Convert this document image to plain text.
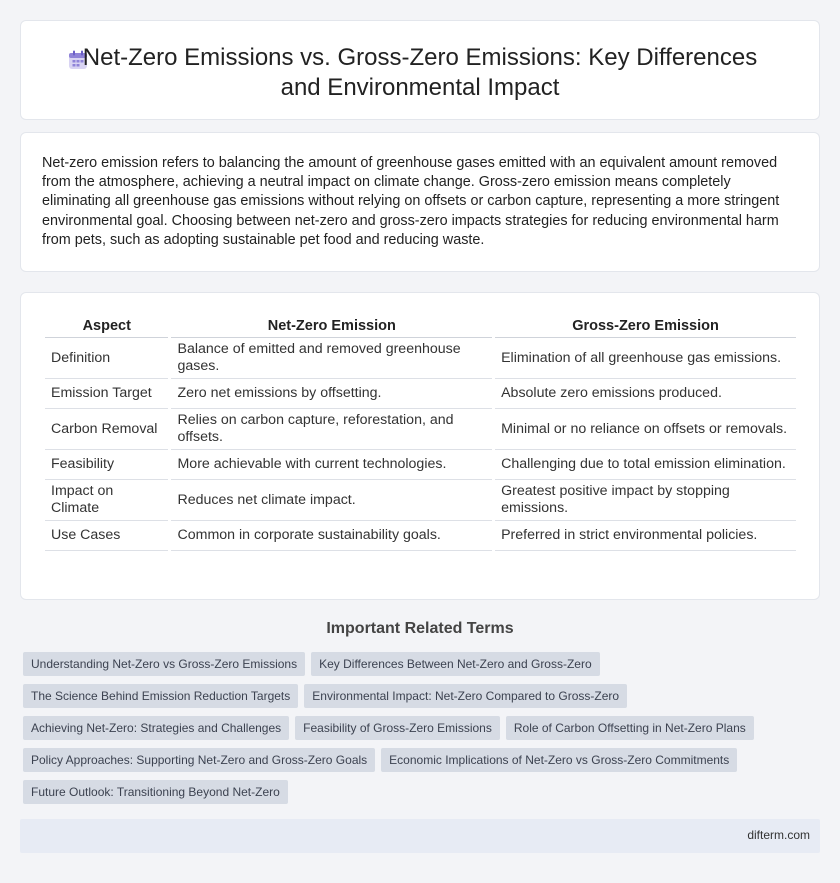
Net-Zero Emissions vs. Gross-Zero Emissions: Key Differences and Environmental Impact

Net-zero emission refers to balancing the amount of greenhouse gases emitted with an equivalent amount removed from the atmosphere, achieving a neutral impact on climate change. Gross-zero emission means completely eliminating all greenhouse gas emissions without relying on offsets or carbon capture, representing a more stringent environmental goal. Choosing between net-zero and gross-zero impacts strategies for reducing environmental harm from pets, such as adopting sustainable pet food and reducing waste.

Aspect	Net-Zero Emission	Gross-Zero Emission
Definition	Balance of emitted and removed greenhouse gases.	Elimination of all greenhouse gas emissions.
Emission Target	Zero net emissions by offsetting.	Absolute zero emissions produced.
Carbon Removal	Relies on carbon capture, reforestation, and offsets.	Minimal or no reliance on offsets or removals.
Feasibility	More achievable with current technologies.	Challenging due to total emission elimination.
Impact on Climate	Reduces net climate impact.	Greatest positive impact by stopping emissions.
Use Cases	Common in corporate sustainability goals.	Preferred in strict environmental policies.
Important Related Terms
Understanding Net-Zero vs Gross-Zero Emissions Key Differences Between Net-Zero and Gross-Zero
The Science Behind Emission Reduction Targets Environmental Impact: Net-Zero Compared to Gross-Zero
Achieving Net-Zero: Strategies and Challenges Feasibility of Gross-Zero Emissions Role of Carbon Offsetting in Net-Zero Plans
Policy Approaches: Supporting Net-Zero and Gross-Zero Goals Economic Implications of Net-Zero vs Gross-Zero Commitments
Future Outlook: Transitioning Beyond Net-Zero
difterm.com
